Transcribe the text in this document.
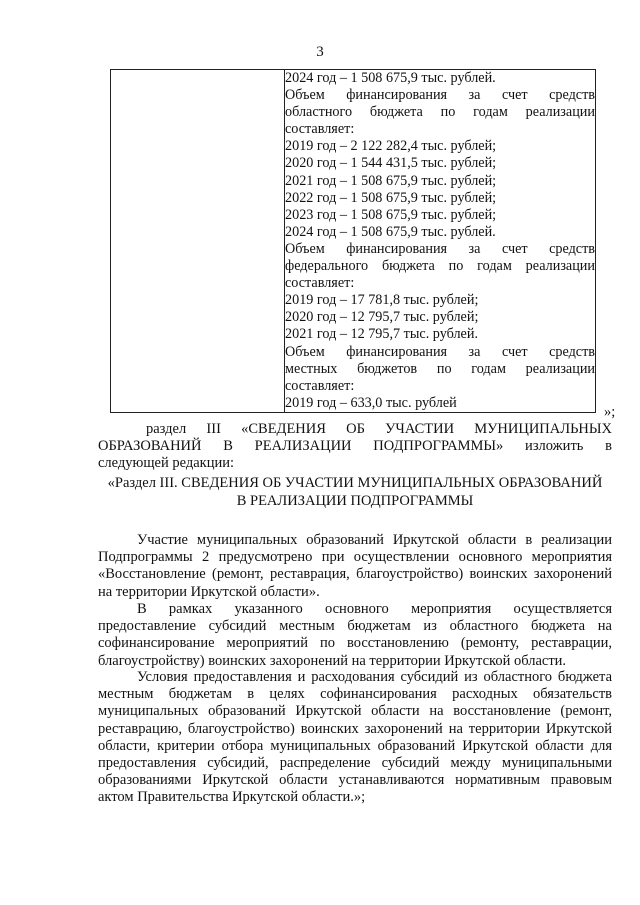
3

2024 год – 1 508 675,9 тыс. рублей.
Объем финансирования за счет средств
областного бюджета по годам реализации
составляет:
2019 год – 2 122 282,4 тыс. рублей;
2020 год – 1 544 431,5 тыс. рублей;
2021 год – 1 508 675,9 тыс. рублей;
2022 год – 1 508 675,9 тыс. рублей;
2023 год – 1 508 675,9 тыс. рублей;
2024 год – 1 508 675,9 тыс. рублей.
Объем финансирования за счет средств
федерального бюджета по годам реализации
составляет:
2019 год – 17 781,8 тыс. рублей;
2020 год – 12 795,7 тыс. рублей;
2021 год – 12 795,7 тыс. рублей.
Объем финансирования за счет средств
местных бюджетов по годам реализации
составляет:
2019 год – 633,0 тыс. рублей
»;
раздел III «СВЕДЕНИЯ ОБ УЧАСТИИ МУНИЦИПАЛЬНЫХ
ОБРАЗОВАНИЙ В РЕАЛИЗАЦИИ ПОДПРОГРАММЫ» изложить в
следующей редакции:
«Раздел III. СВЕДЕНИЯ ОБ УЧАСТИИ МУНИЦИПАЛЬНЫХ ОБРАЗОВАНИЙ
В РЕАЛИЗАЦИИ ПОДПРОГРАММЫ
Участие муниципальных образований Иркутской области в реализации Подпрограммы 2 предусмотрено при осуществлении основного мероприятия «Восстановление (ремонт, реставрация, благоустройство) воинских захоронений на территории Иркутской области».
В рамках указанного основного мероприятия осуществляется предоставление субсидий местным бюджетам из областного бюджета на софинансирование мероприятий по восстановлению (ремонту, реставрации, благоустройству) воинских захоронений на территории Иркутской области.
Условия предоставления и расходования субсидий из областного бюджета местным бюджетам в целях софинансирования расходных обязательств муниципальных образований Иркутской области на восстановление (ремонт, реставрацию, благоустройство) воинских захоронений на территории Иркутской области, критерии отбора муниципальных образований Иркутской области для предоставления субсидий, распределение субсидий между муниципальными образованиями Иркутской области устанавливаются нормативным правовым актом Правительства Иркутской области.»;
